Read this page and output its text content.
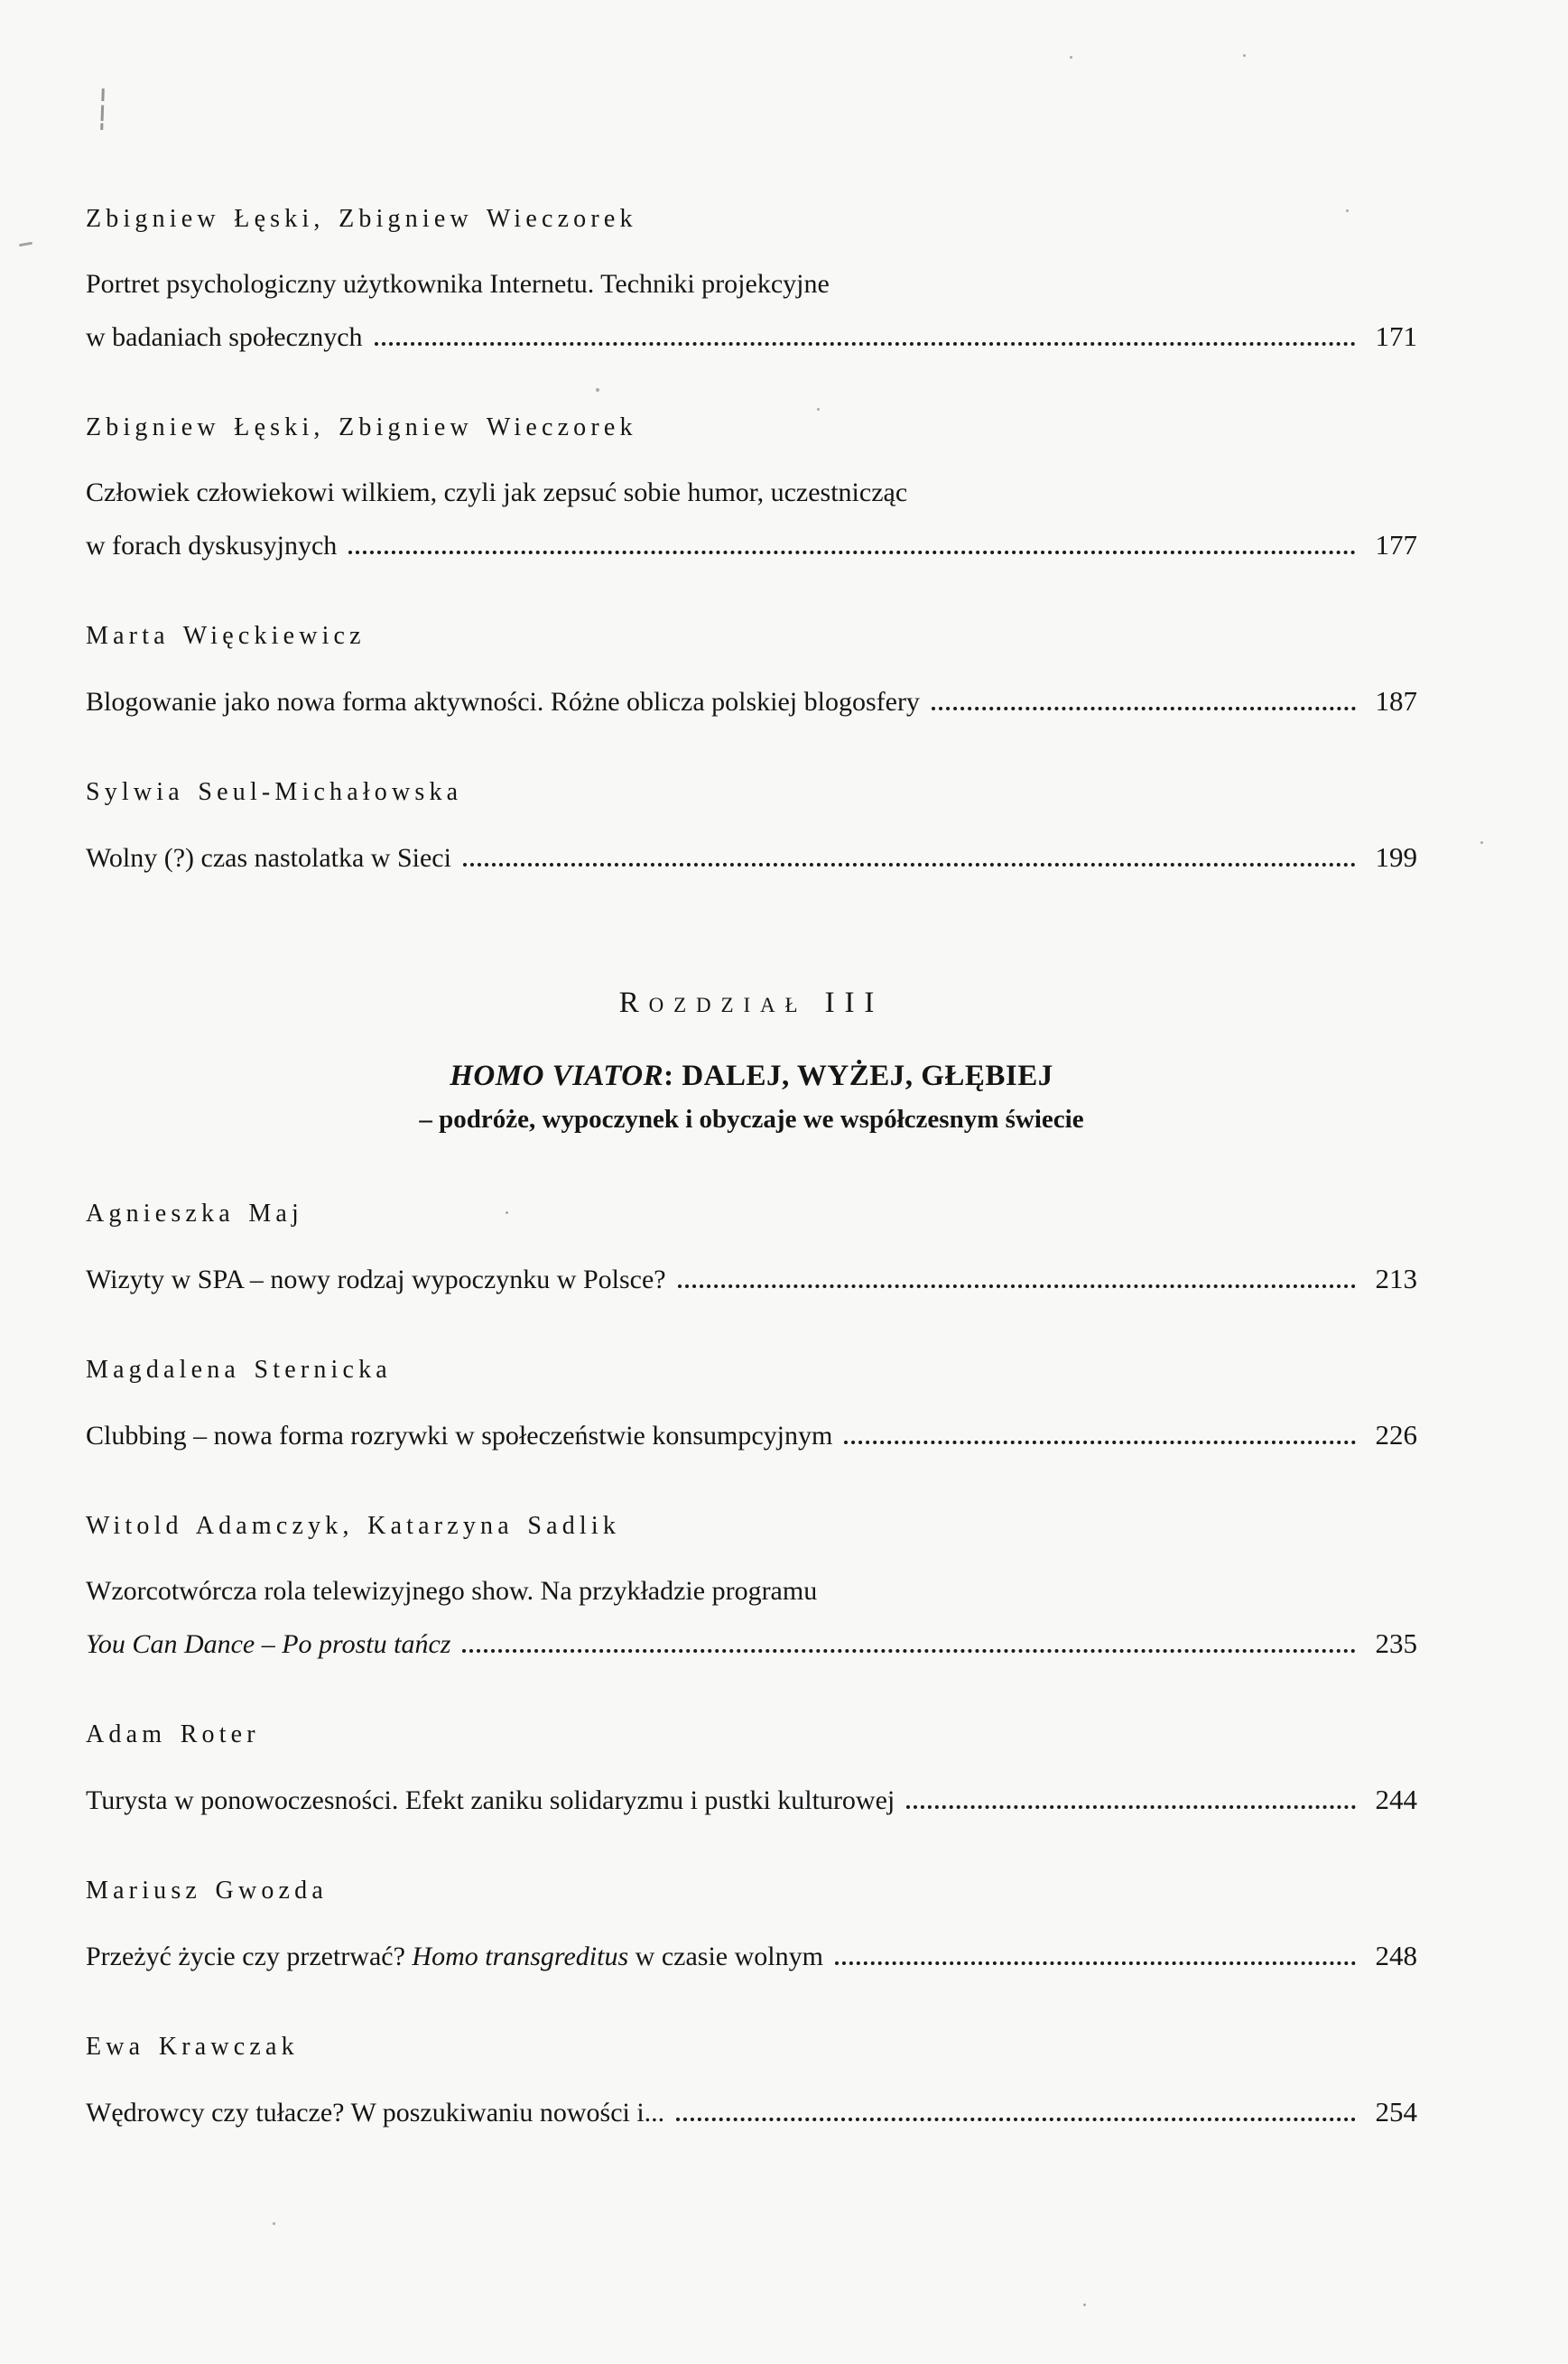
Zbigniew Łęski, Zbigniew Wieczorek
Portret psychologiczny użytkownika Internetu. Techniki projekcyjne
w badaniach społecznych	171
Zbigniew Łęski, Zbigniew Wieczorek
Człowiek człowiekowi wilkiem, czyli jak zepsuć sobie humor, uczestnicząc
w forach dyskusyjnych	177
Marta Więckiewicz
Blogowanie jako nowa forma aktywności. Różne oblicza polskiej blogosfery	187
Sylwia Seul-Michałowska
Wolny (?) czas nastolatka w Sieci	199
Rozdział III
HOMO VIATOR: DALEJ, WYŻEJ, GŁĘBIEJ
– podróże, wypoczynek i obyczaje we współczesnym świecie
Agnieszka Maj
Wizyty w SPA – nowy rodzaj wypoczynku w Polsce?	213
Magdalena Sternicka
Clubbing – nowa forma rozrywki w społeczeństwie konsumpcyjnym	226
Witold Adamczyk, Katarzyna Sadlik
Wzorcotwórcza rola telewizyjnego show. Na przykładzie programu
You Can Dance – Po prostu tańcz	235
Adam Roter
Turysta w ponowoczesności. Efekt zaniku solidaryzmu i pustki kulturowej	244
Mariusz Gwozda
Przeżyć życie czy przetrwać? Homo transgreditus w czasie wolnym	248
Ewa Krawczak
Wędrowcy czy tułacze? W poszukiwaniu nowości i...	254
